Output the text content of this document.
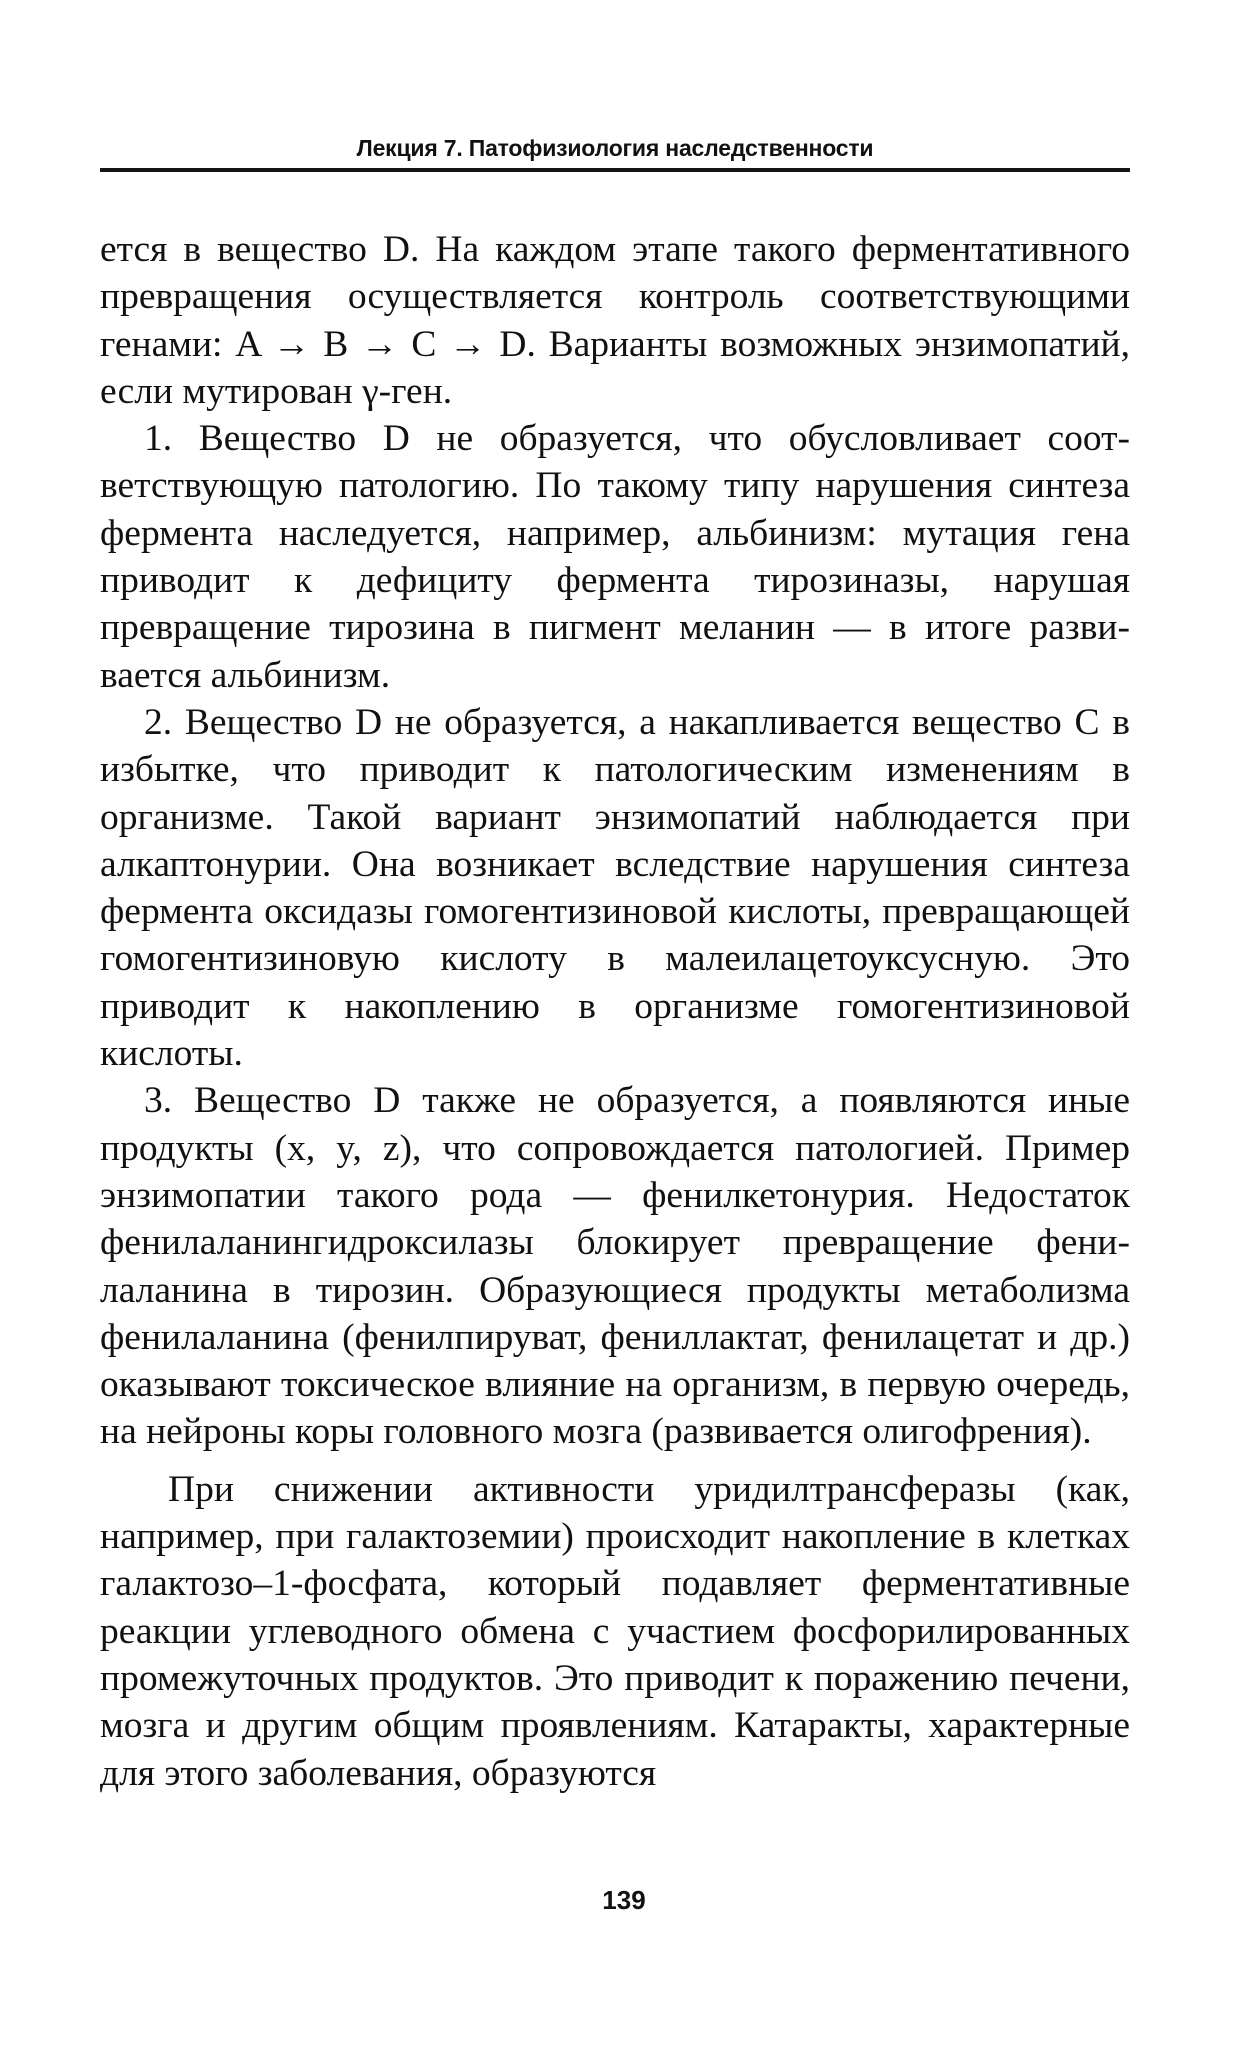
Лекция 7. Патофизиология наследственности

ется в вещество D. На каждом этапе такого ферментативного превращения осуществляется контроль соответствующими генами: A → B → C → D. Варианты возможных энзимопатий, если мутирован γ-ген.

1. Вещество D не образуется, что обусловливает соответствующую патологию. По такому типу нарушения синтеза фермента наследуется, например, альбинизм: мутация гена приводит к дефициту фермента тирозиназы, нарушая превращение тирозина в пигмент меланин — в итоге развивается альбинизм.

2. Вещество D не образуется, а накапливается вещество C в избытке, что приводит к патологическим изменениям в организме. Такой вариант энзимопатий наблюдается при алкаптонурии. Она возникает вследствие нарушения синтеза фермента оксидазы гомогентизиновой кислоты, превращающей гомогентизиновую кислоту в малеилацетоуксусную. Это приводит к накоплению в организме гомогентизиновой кислоты.

3. Вещество D также не образуется, а появляются иные продукты (x, y, z), что сопровождается патологией. Пример энзимопатии такого рода — фенилкетонурия. Недостаток фенилаланингидроксилазы блокирует превращение фенилаланина в тирозин. Образующиеся продукты метаболизма фенилаланина (фенилпируват, фениллактат, фенилацетат и др.) оказывают токсическое влияние на организм, в первую очередь, на нейроны коры головного мозга (развивается олигофрения).

При снижении активности уридилтрансферазы (как, например, при галактоземии) происходит накопление в клетках галактозо–1-фосфата, который подавляет ферментативные реакции углеводного обмена с участием фосфорилированных промежуточных продуктов. Это приводит к поражению печени, мозга и другим общим проявлениям. Катаракты, характерные для этого заболевания, образуются

139
